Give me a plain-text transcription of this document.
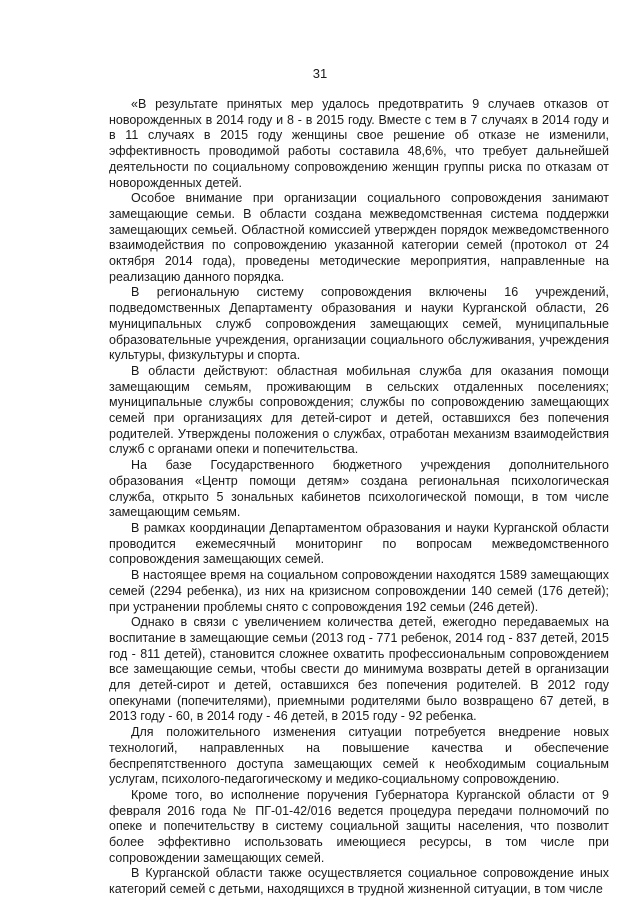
31

«В результате принятых мер удалось предотвратить 9 случаев отказов от новорожденных в 2014 году и 8 - в 2015 году. Вместе с тем в 7 случаях в 2014 году и в 11 случаях в 2015 году женщины свое решение об отказе не изменили, эффективность проводимой работы составила 48,6%, что требует дальнейшей деятельности по социальному сопровождению женщин группы риска по отказам от новорожденных детей.

Особое внимание при организации социального сопровождения занимают замещающие семьи. В области создана межведомственная система поддержки замещающих семьей. Областной комиссией утвержден порядок межведомственного взаимодействия по сопровождению указанной категории семей (протокол от 24 октября 2014 года), проведены методические мероприятия, направленные на реализацию данного порядка.

В региональную систему сопровождения включены 16 учреждений, подведомственных Департаменту образования и науки Курганской области, 26 муниципальных служб сопровождения замещающих семей, муниципальные образовательные учреждения, организации социального обслуживания, учреждения культуры, физкультуры и спорта.

В области действуют: областная мобильная служба для оказания помощи замещающим семьям, проживающим в сельских отдаленных поселениях; муниципальные службы сопровождения; службы по сопровождению замещающих семей при организациях для детей-сирот и детей, оставшихся без попечения родителей. Утверждены положения о службах, отработан механизм взаимодействия служб с органами опеки и попечительства.

На базе Государственного бюджетного учреждения дополнительного образования «Центр помощи детям» создана региональная психологическая служба, открыто 5 зональных кабинетов психологической помощи, в том числе замещающим семьям.

В рамках координации Департаментом образования и науки Курганской области проводится ежемесячный мониторинг по вопросам межведомственного сопровождения замещающих семей.

В настоящее время на социальном сопровождении находятся 1589 замещающих семей (2294 ребенка), из них на кризисном сопровождении 140 семей (176 детей); при устранении проблемы снято с сопровождения 192 семьи (246 детей).

Однако в связи с увеличением количества детей, ежегодно передаваемых на воспитание в замещающие семьи (2013 год - 771 ребенок, 2014 год - 837 детей, 2015 год - 811 детей), становится сложнее охватить профессиональным сопровождением все замещающие семьи, чтобы свести до минимума возвраты детей в организации для детей-сирот и детей, оставшихся без попечения родителей. В 2012 году опекунами (попечителями), приемными родителями было возвращено 67 детей, в 2013 году - 60, в 2014 году - 46 детей, в 2015 году - 92 ребенка.

Для положительного изменения ситуации потребуется внедрение новых технологий, направленных на повышение качества и обеспечение беспрепятственного доступа замещающих семей к необходимым социальным услугам, психолого-педагогическому и медико-социальному сопровождению.

Кроме того, во исполнение поручения Губернатора Курганской области от 9 февраля 2016 года № ПГ-01-42/016 ведется процедура передачи полномочий по опеке и попечительству в систему социальной защиты населения, что позволит более эффективно использовать имеющиеся ресурсы, в том числе при сопровождении замещающих семей.

В Курганской области также осуществляется социальное сопровождение иных категорий семей с детьми, находящихся в трудной жизненной ситуации, в том числе
